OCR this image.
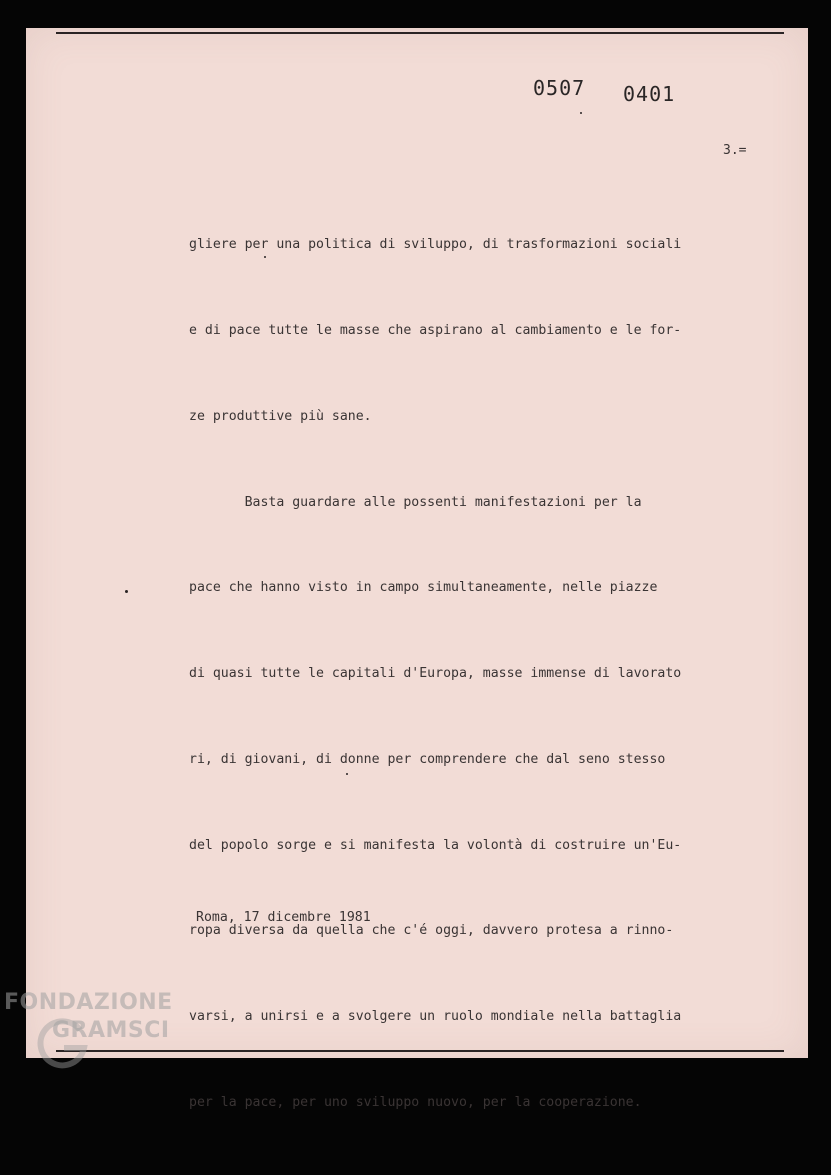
0507 0401
3.=

gliere per una politica di sviluppo, di trasformazioni sociali

e di pace tutte le masse che aspirano al cambiamento e le for-

ze produttive più sane.

Basta guardare alle possenti manifestazioni per la

pace che hanno visto in campo simultaneamente, nelle piazze

di quasi tutte le capitali d'Europa, masse immense di lavorato

ri, di giovani, di donne per comprendere che dal seno stesso

del popolo sorge e si manifesta la volontà di costruire un'Eu-

ropa diversa da quella che c'é oggi, davvero protesa a rinno-

varsi, a unirsi e a svolgere un ruolo mondiale nella battaglia

per la pace, per uno sviluppo nuovo, per la cooperazione.

Roma, 17 dicembre 1981
FONDAZIONE
GRAMSCI
